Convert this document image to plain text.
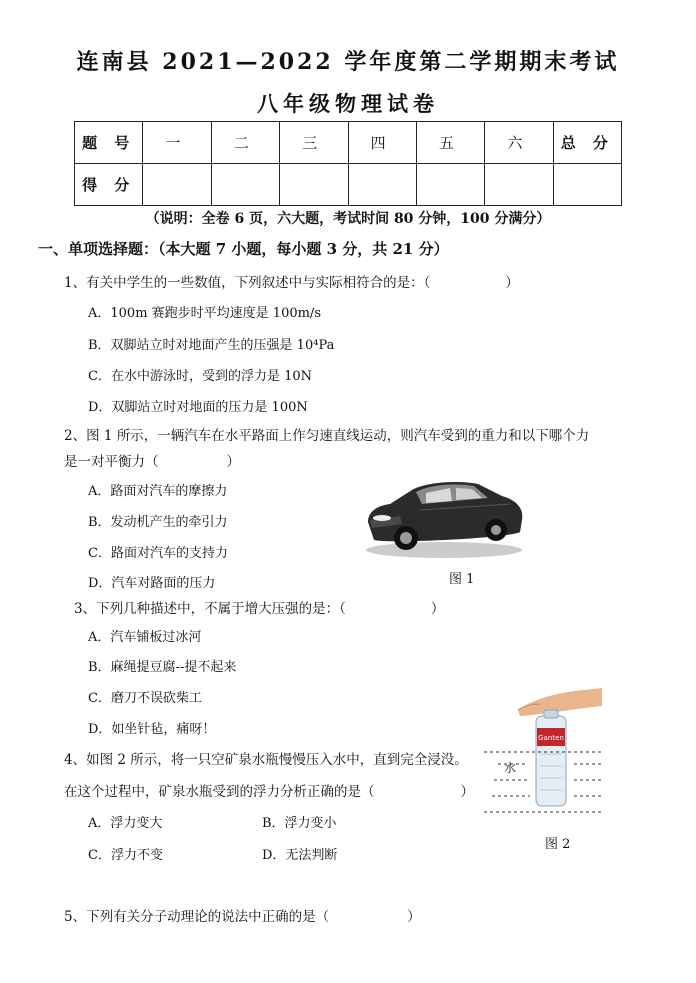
连南县 2021—2022 学年度第二学期期末考试
八年级物理试卷
题 号	一	二	三	四	五	六	总 分
得 分							
（说明：全卷 6 页，六大题，考试时间 80 分钟，100 分满分）
一、单项选择题：（本大题 7 小题，每小题 3 分，共 21 分）
1、有关中学生的一些数值，下列叙述中与实际相符合的是：（	）
A．100m 赛跑步时平均速度是 100m/s
B．双脚站立时对地面产生的压强是 10⁴Pa
C．在水中游泳时，受到的浮力是 10N
D．双脚站立时对地面的压力是 100N
2、图 1 所示，一辆汽车在水平路面上作匀速直线运动，则汽车受到的重力和以下哪个力
是一对平衡力（	）
A．路面对汽车的摩擦力
B．发动机产生的牵引力
C．路面对汽车的支持力
D．汽车对路面的压力	图 1
3、下列几种描述中，不属于增大压强的是：（	）
A．汽车铺板过冰河
B．麻绳提豆腐--提不起来
C．磨刀不误砍柴工
D．如坐针毡，痛呀！
Ganten
水
图 2
4、如图 2 所示，将一只空矿泉水瓶慢慢压入水中，直到完全浸没。
在这个过程中，矿泉水瓶受到的浮力分析正确的是（	）
A．浮力变大	B．浮力变小
C．浮力不变	D．无法判断
5、下列有关分子动理论的说法中正确的是（	）
